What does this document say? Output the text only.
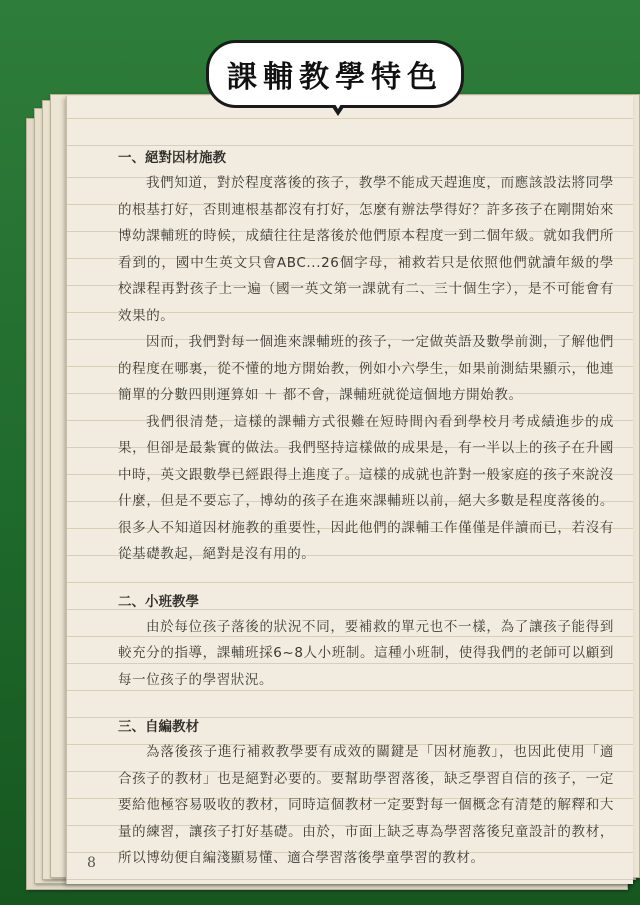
課輔教學特色
一、絕對因材施教

我們知道，對於程度落後的孩子，教學不能成天趕進度，而應該設法將同學的根基打好，否則連根基都沒有打好，怎麼有辦法學得好？許多孩子在剛開始來博幼課輔班的時候，成績往往是落後於他們原本程度一到二個年級。就如我們所看到的，國中生英文只會ABC...26個字母，補救若只是依照他們就讀年級的學校課程再對孩子上一遍（國一英文第一課就有二、三十個生字），是不可能會有效果的。

因而，我們對每一個進來課輔班的孩子，一定做英語及數學前測，了解他們的程度在哪裏，從不懂的地方開始教，例如小六學生，如果前測結果顯示，他連簡單的分數四則運算如 ＋ 都不會，課輔班就從這個地方開始教。

我們很清楚，這樣的課輔方式很難在短時間內看到學校月考成績進步的成果，但卻是最紮實的做法。我們堅持這樣做的成果是，有一半以上的孩子在升國中時，英文跟數學已經跟得上進度了。這樣的成就也許對一般家庭的孩子來說沒什麼，但是不要忘了，博幼的孩子在進來課輔班以前，絕大多數是程度落後的。很多人不知道因材施教的重要性，因此他們的課輔工作僅僅是伴讀而已，若沒有從基礎教起，絕對是沒有用的。

二、小班教學

由於每位孩子落後的狀況不同，要補救的單元也不一樣，為了讓孩子能得到較充分的指導，課輔班採6~8人小班制。這種小班制，使得我們的老師可以顧到每一位孩子的學習狀況。

三、自編教材

為落後孩子進行補救教學要有成效的關鍵是「因材施教」，也因此使用「適合孩子的教材」也是絕對必要的。要幫助學習落後，缺乏學習自信的孩子，一定要給他極容易吸收的教材，同時這個教材一定要對每一個概念有清楚的解釋和大量的練習，讓孩子打好基礎。由於，市面上缺乏專為學習落後兒童設計的教材，所以博幼便自編淺顯易懂、適合學習落後學童學習的教材。

8
